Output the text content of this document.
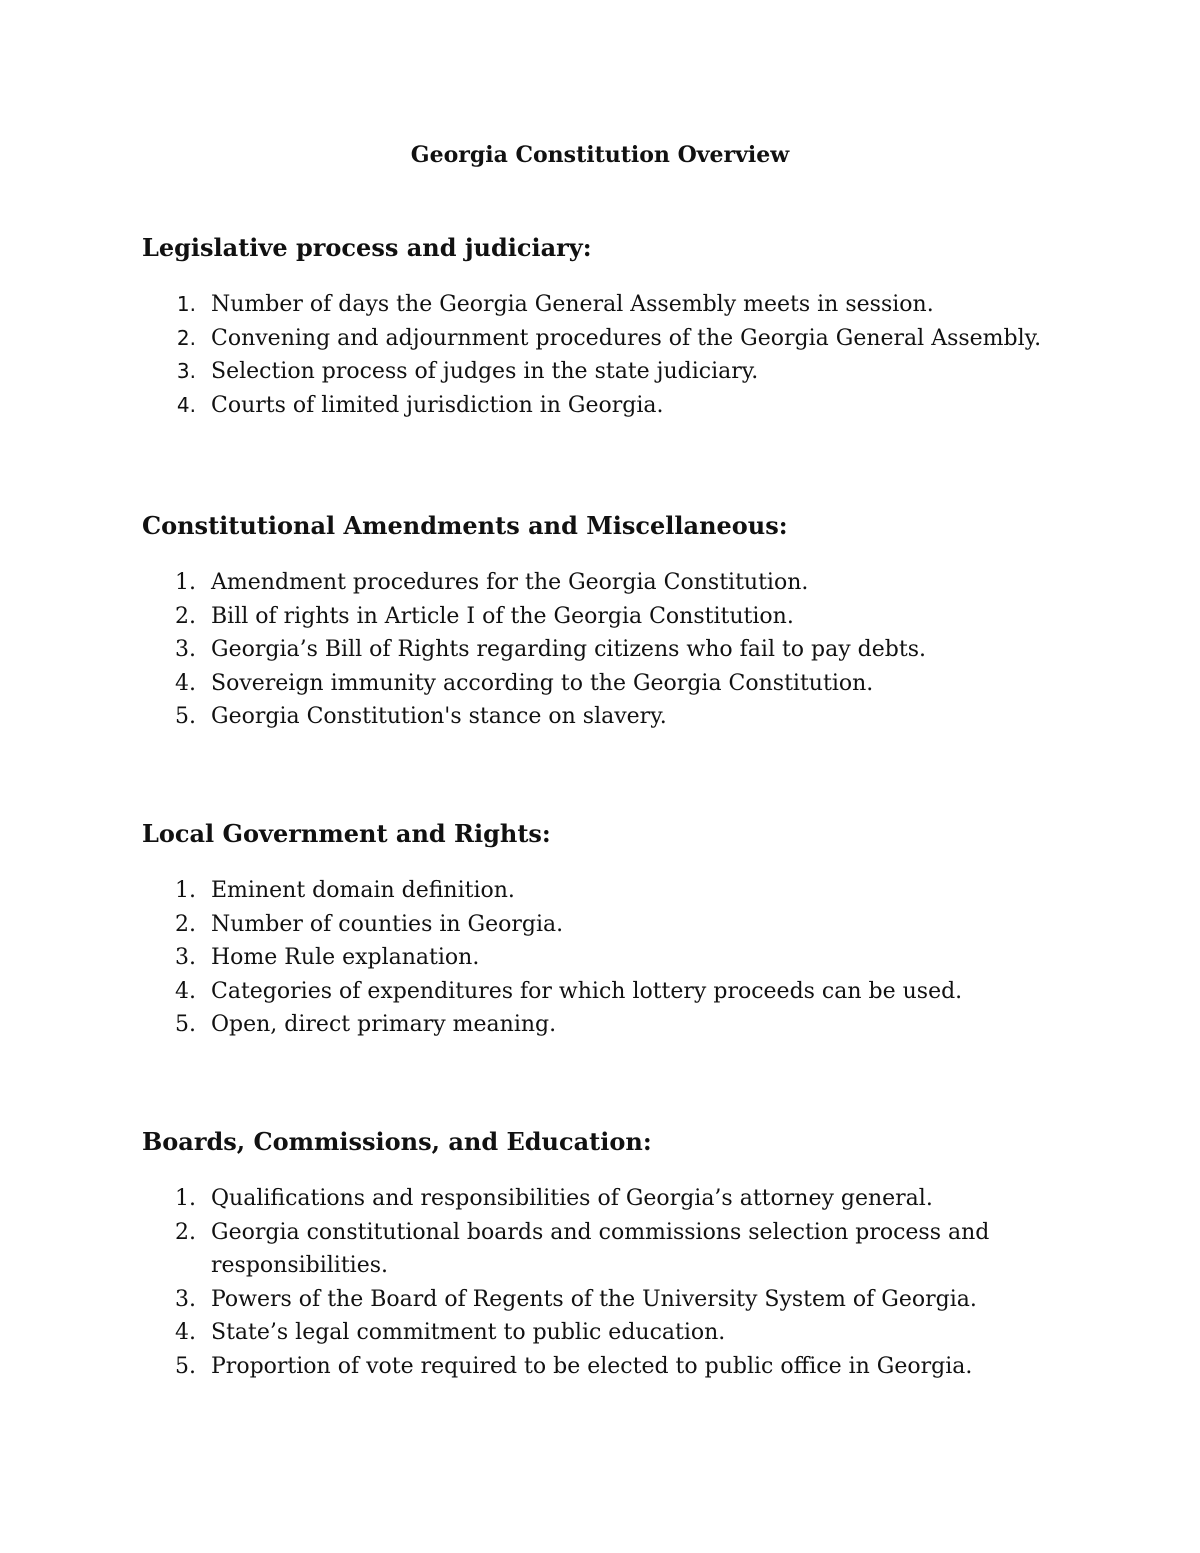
Georgia Constitution Overview

Legislative process and judiciary:

1. Number of days the Georgia General Assembly meets in session.
2. Convening and adjournment procedures of the Georgia General Assembly.
3. Selection process of judges in the state judiciary.
4. Courts of limited jurisdiction in Georgia.

Constitutional Amendments and Miscellaneous:

1. Amendment procedures for the Georgia Constitution.
2. Bill of rights in Article I of the Georgia Constitution.
3. Georgia’s Bill of Rights regarding citizens who fail to pay debts.
4. Sovereign immunity according to the Georgia Constitution.
5. Georgia Constitution's stance on slavery.

Local Government and Rights:

1. Eminent domain definition.
2. Number of counties in Georgia.
3. Home Rule explanation.
4. Categories of expenditures for which lottery proceeds can be used.
5. Open, direct primary meaning.

Boards, Commissions, and Education:

1. Qualifications and responsibilities of Georgia’s attorney general.
2. Georgia constitutional boards and commissions selection process and responsibilities.
3. Powers of the Board of Regents of the University System of Georgia.
4. State’s legal commitment to public education.
5. Proportion of vote required to be elected to public office in Georgia.
